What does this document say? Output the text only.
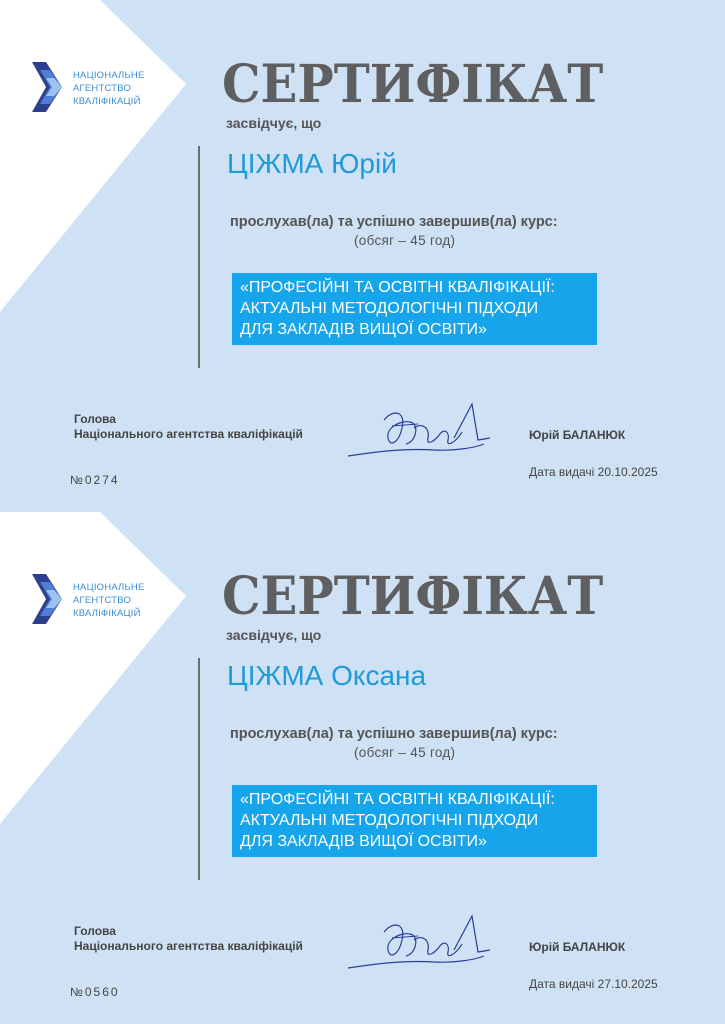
НАЦІОНАЛЬНЕ
АГЕНТСТВО
КВАЛІФІКАЦІЙ СЕРТИФІКАТ
засвідчує, що
ЦІЖМА Юрій
прослухав(ла) та успішно завершив(ла) курс:
(обсяг – 45 год)
«ПРОФЕСІЙНІ ТА ОСВІТНІ КВАЛІФІКАЦІЇ:
АКТУАЛЬНІ МЕТОДОЛОГІЧНІ ПІДХОДИ
ДЛЯ ЗАКЛАДІВ ВИЩОЇ ОСВІТИ»
Голова
Національного агентства кваліфікацій	Юрій БАЛАНЮК
Дата видачі 20.10.2025
№0274
НАЦІОНАЛЬНЕ
АГЕНТСТВО
КВАЛІФІКАЦІЙ СЕРТИФІКАТ
засвідчує, що
ЦІЖМА Оксана
прослухав(ла) та успішно завершив(ла) курс:
(обсяг – 45 год)
«ПРОФЕСІЙНІ ТА ОСВІТНІ КВАЛІФІКАЦІЇ:
АКТУАЛЬНІ МЕТОДОЛОГІЧНІ ПІДХОДИ
ДЛЯ ЗАКЛАДІВ ВИЩОЇ ОСВІТИ»
Голова
Національного агентства кваліфікацій	Юрій БАЛАНЮК
Дата видачі 27.10.2025
№0560
